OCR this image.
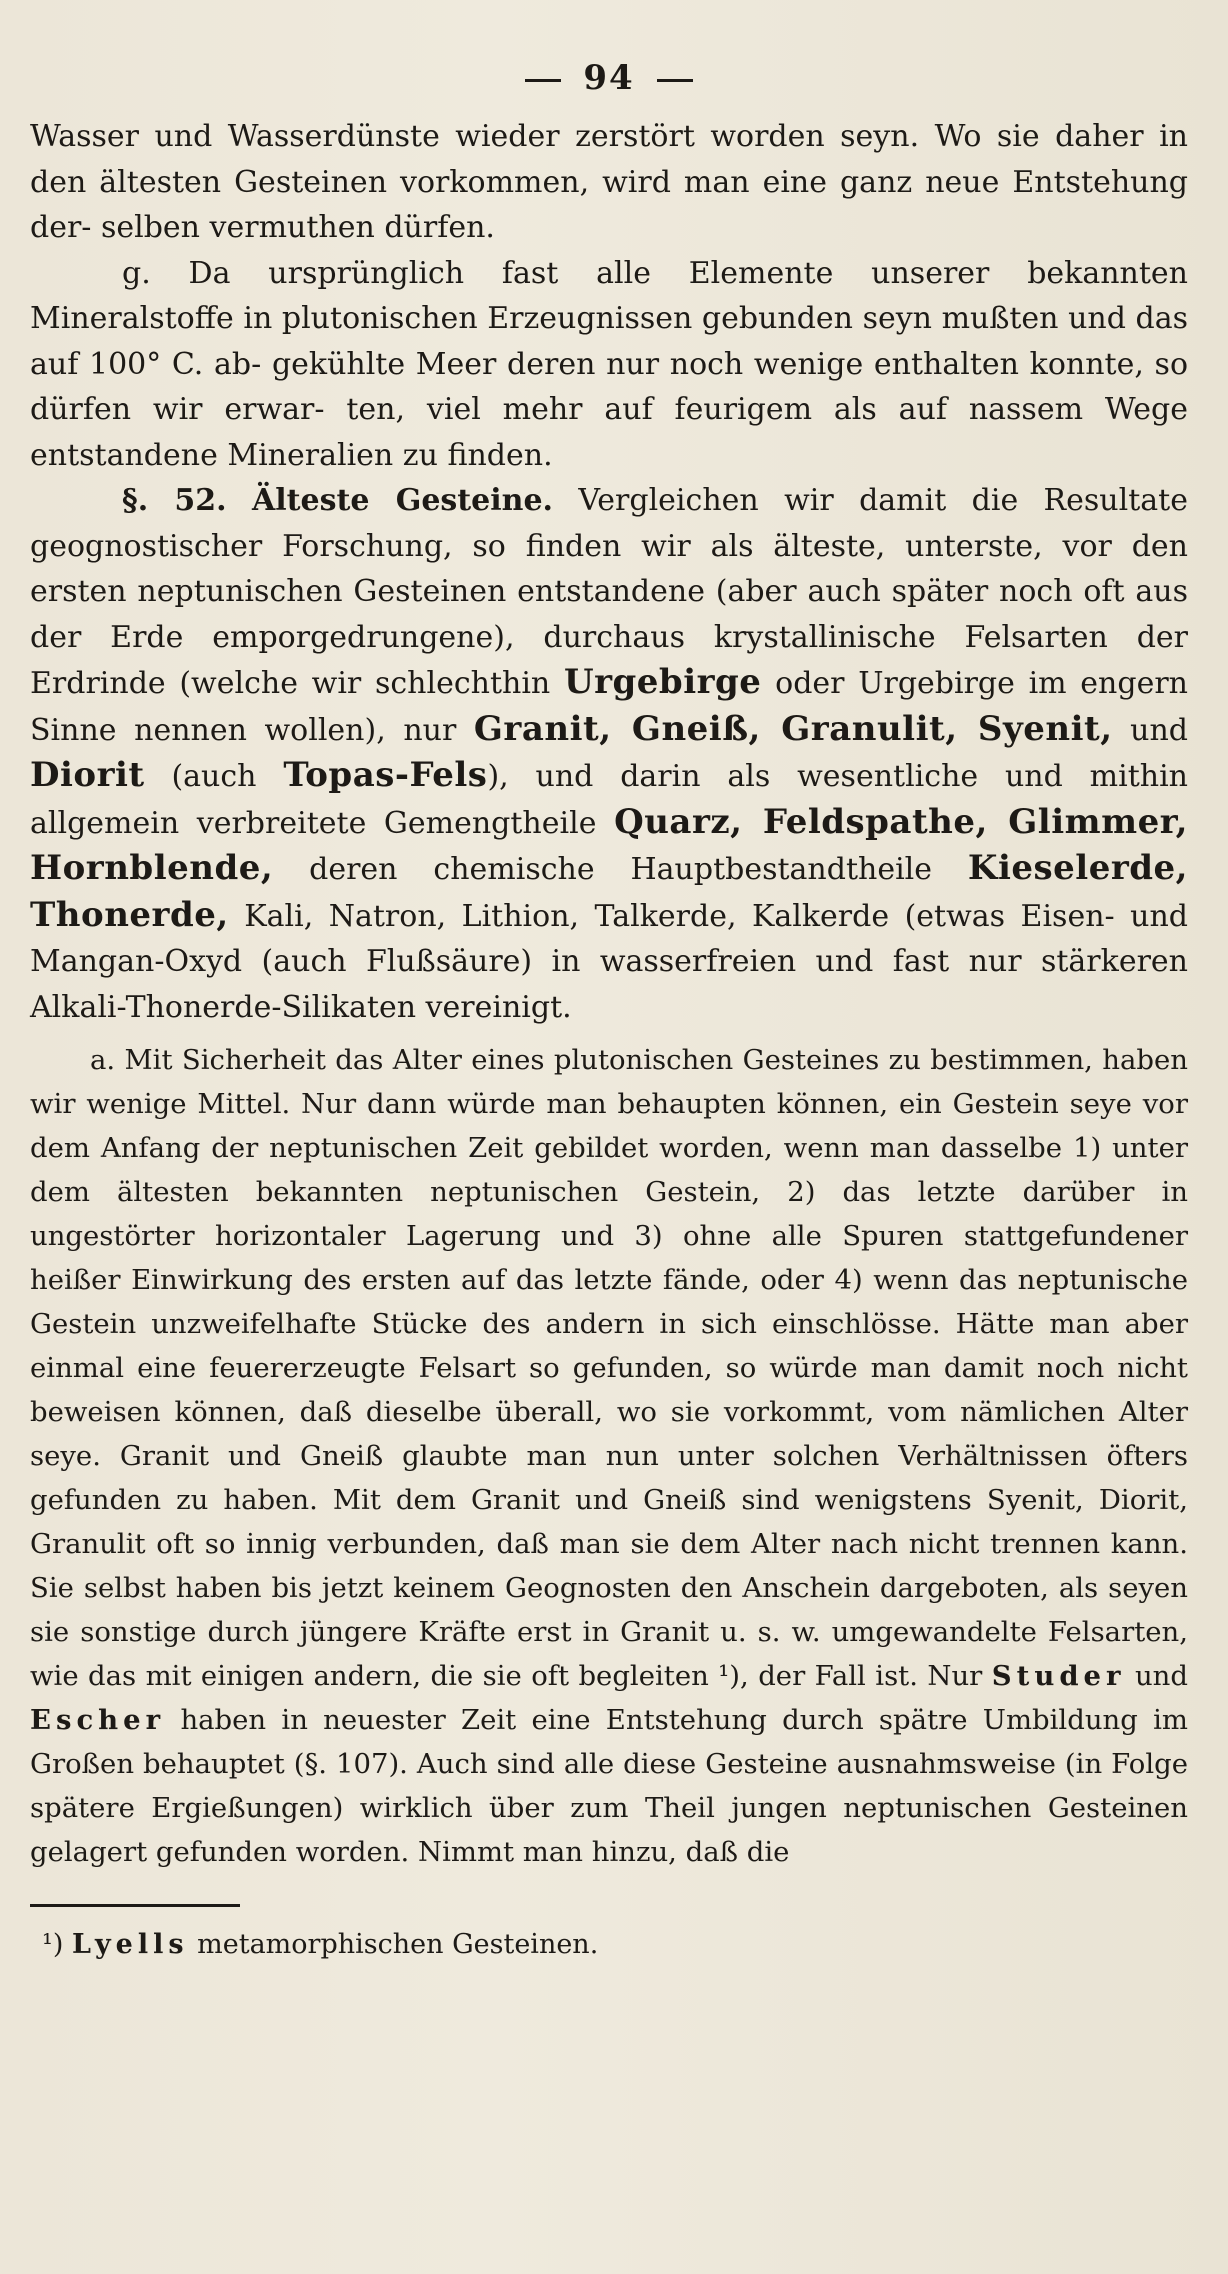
94

Wasser und Wasserdünste wieder zerstört worden seyn. Wo sie daher in den ältesten Gesteinen vorkommen, wird man eine ganz neue Entstehung der- selben vermuthen dürfen.

g. Da ursprünglich fast alle Elemente unserer bekannten Mineralstoffe in plutonischen Erzeugnissen gebunden seyn mußten und das auf 100° C. ab- gekühlte Meer deren nur noch wenige enthalten konnte, so dürfen wir erwar- ten, viel mehr auf feurigem als auf nassem Wege entstandene Mineralien zu finden.

§. 52. Älteste Gesteine. Vergleichen wir damit die Resultate geognostischer Forschung, so finden wir als älteste, unterste, vor den ersten neptunischen Gesteinen entstandene (aber auch später noch oft aus der Erde emporgedrungene), durchaus krystallinische Felsarten der Erdrinde (welche wir schlechthin Urgebirge oder Urgebirge im engern Sinne nennen wollen), nur Granit, Gneiß, Granulit, Syenit, und Diorit (auch Topas-Fels), und darin als wesentliche und mithin allgemein verbreitete Gemengtheile Quarz, Feldspathe, Glimmer, Hornblende, deren chemische Hauptbestandtheile Kieselerde, Thonerde, Kali, Natron, Lithion, Talkerde, Kalkerde (etwas Eisen- und Mangan-Oxyd (auch Flußsäure) in wasserfreien und fast nur stärkeren Alkali-Thonerde-Silikaten vereinigt.

a. Mit Sicherheit das Alter eines plutonischen Gesteines zu bestimmen, haben wir wenige Mittel. Nur dann würde man behaupten können, ein Gestein seye vor dem Anfang der neptunischen Zeit gebildet worden, wenn man dasselbe 1) unter dem ältesten bekannten neptunischen Gestein, 2) das letzte darüber in ungestörter horizontaler Lagerung und 3) ohne alle Spuren stattgefundener heißer Einwirkung des ersten auf das letzte fände, oder 4) wenn das neptunische Gestein unzweifelhafte Stücke des andern in sich einschlösse. Hätte man aber einmal eine feuererzeugte Felsart so gefunden, so würde man damit noch nicht beweisen können, daß dieselbe überall, wo sie vorkommt, vom nämlichen Alter seye. Granit und Gneiß glaubte man nun unter solchen Verhältnissen öfters gefunden zu haben. Mit dem Granit und Gneiß sind wenigstens Syenit, Diorit, Granulit oft so innig verbunden, daß man sie dem Alter nach nicht trennen kann. Sie selbst haben bis jetzt keinem Geognosten den Anschein dargeboten, als seyen sie sonstige durch jüngere Kräfte erst in Granit u. s. w. umgewandelte Felsarten, wie das mit einigen andern, die sie oft begleiten ¹), der Fall ist. Nur Studer und Escher haben in neuester Zeit eine Entstehung durch spätre Umbildung im Großen behauptet (§. 107). Auch sind alle diese Gesteine ausnahmsweise (in Folge spätere Ergießungen) wirklich über zum Theil jungen neptunischen Gesteinen gelagert gefunden worden. Nimmt man hinzu, daß die

¹) Lyells metamorphischen Gesteinen.
